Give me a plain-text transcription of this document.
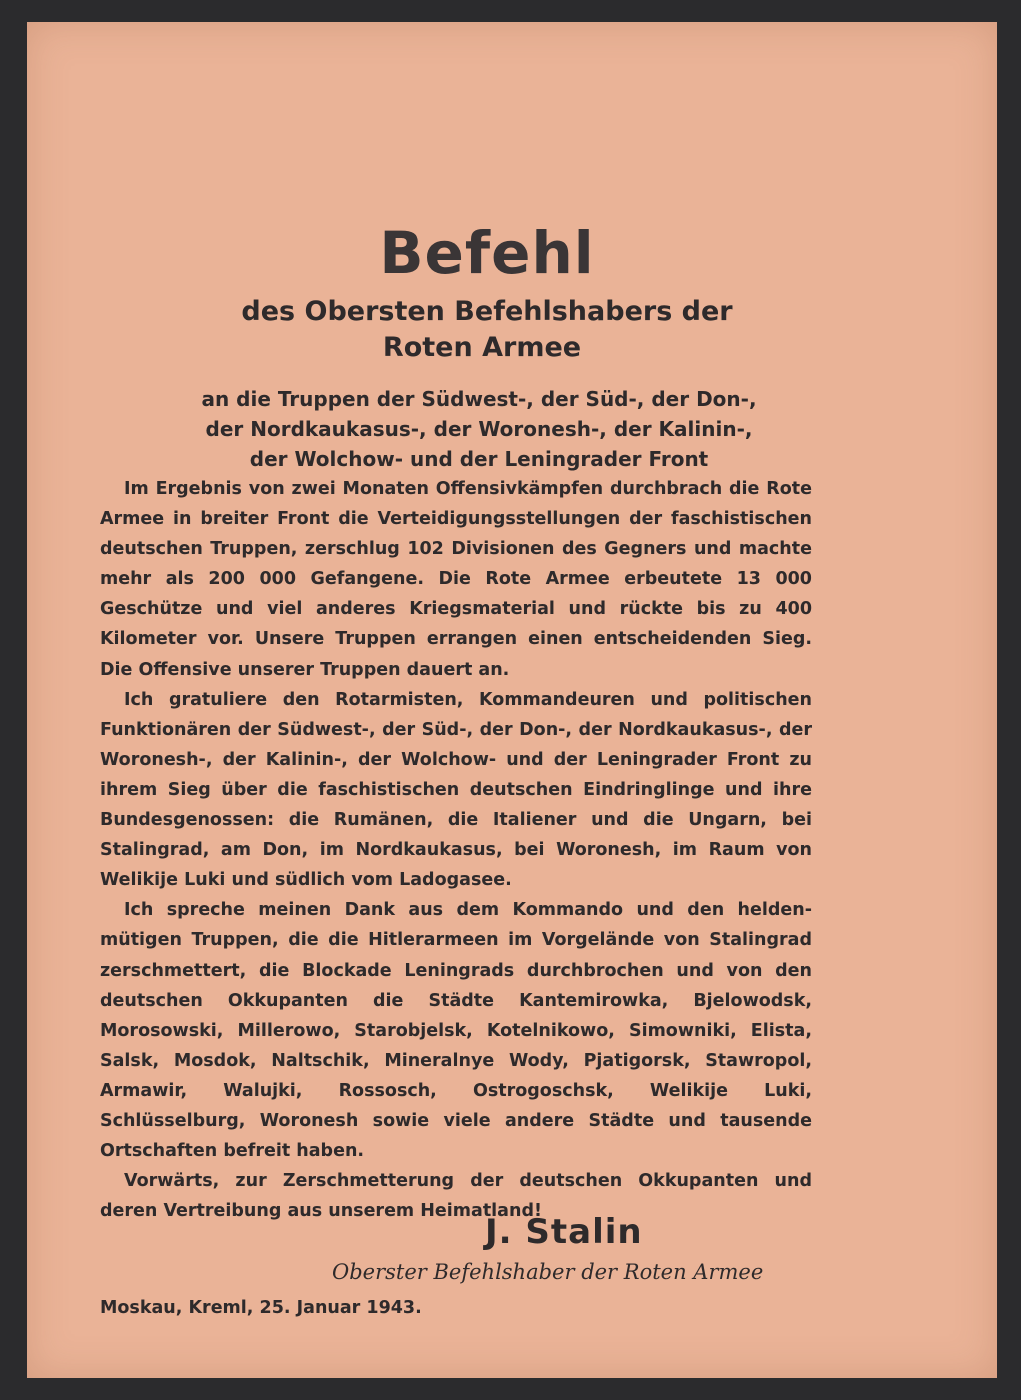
Befehl
des Obersten Befehlshabers der
Roten Armee
an die Truppen der Südwest-, der Süd-, der Don-,
der Nordkaukasus-, der Woronesh-, der Kalinin-,
der Wolchow- und der Leningrader Front

Im Ergebnis von zwei Monaten Offensivkämpfen durchbrach die Rote Armee in breiter Front die Verteidigungsstellungen der faschistischen deutschen Truppen, zerschlug 102 Divisionen des Gegners und machte mehr als 200 000 Gefangene. Die Rote Armee erbeutete 13 000 Geschütze und viel anderes Kriegsmaterial und rückte bis zu 400 Kilometer vor. Unsere Truppen errangen einen entscheidenden Sieg. Die Offensive unserer Truppen dauert an.

Ich gratuliere den Rotarmisten, Kommandeuren und politischen Funktionären der Südwest-, der Süd-, der Don-, der Nordkaukasus-, der Woronesh-, der Kalinin-, der Wolchow- und der Leningrader Front zu ihrem Sieg über die faschistischen deutschen Eindringlinge und ihre Bundesgenossen: die Rumänen, die Italiener und die Ungarn, bei Stalingrad, am Don, im Nordkaukasus, bei Woronesh, im Raum von Welikije Luki und südlich vom Ladogasee.

Ich spreche meinen Dank aus dem Kommando und den heldenmütigen Truppen, die die Hitlerarmeen im Vorgelände von Stalingrad zerschmettert, die Blockade Leningrads durchbrochen und von den deutschen Okkupanten die Städte Kantemirowka, Bjelowodsk, Morosowski, Millerowo, Starobjelsk, Kotelnikowo, Simowniki, Elista, Salsk, Mosdok, Naltschik, Mineralnye Wody, Pjatigorsk, Stawropol, Armawir, Walujki, Rossosch, Ostrogoschsk, Welikije Luki, Schlüsselburg, Woronesh sowie viele andere Städte und tausende Ortschaften befreit haben.

Vorwärts, zur Zerschmetterung der deutschen Okkupanten und deren Vertreibung aus unserem Heimatland!

J. Stalin
Oberster Befehlshaber der Roten Armee
Moskau, Kreml, 25. Januar 1943.
